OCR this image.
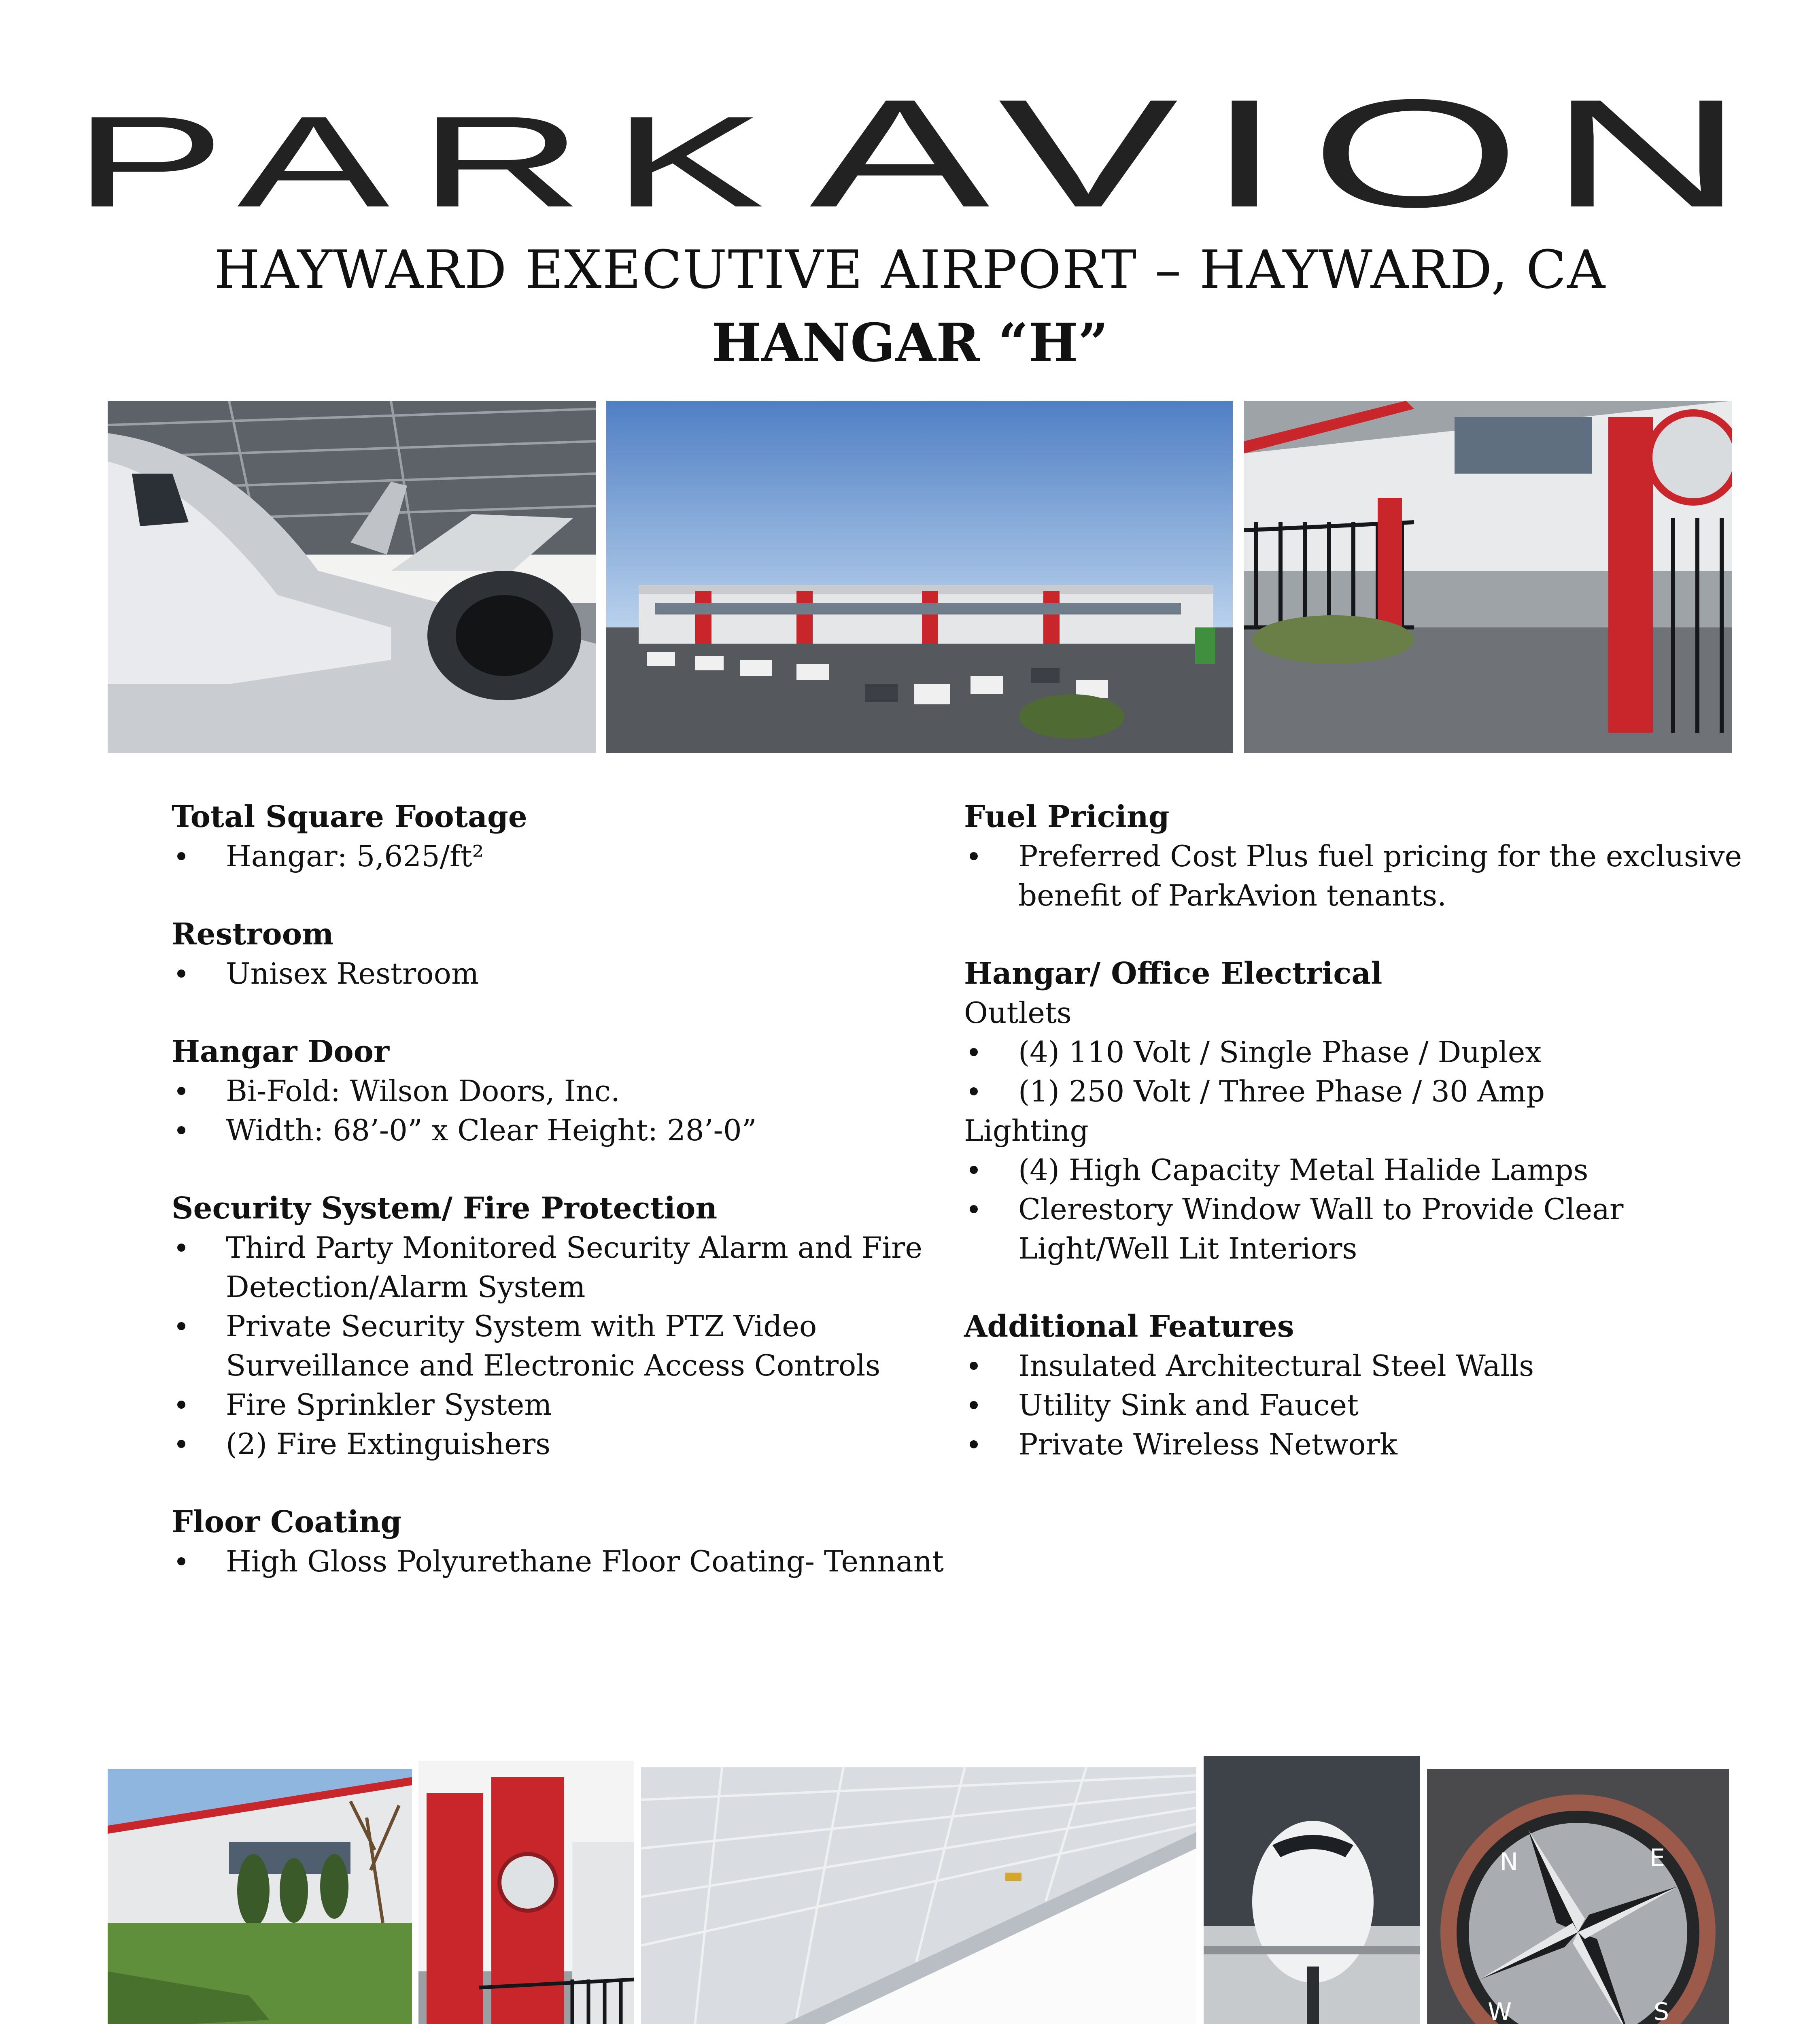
PARK AVION
HAYWARD EXECUTIVE AIRPORT – HAYWARD, CA
HANGAR “H”
Total Square Footage
Hangar: 5,625/ft²
Restroom
Unisex Restroom
Hangar Door
Bi-Fold: Wilson Doors, Inc.
Width: 68’-0” x Clear Height: 28’-0”
Security System/ Fire Protection
Third Party Monitored Security Alarm and Fire Detection/Alarm System
Private Security System with PTZ Video Surveillance and Electronic Access Controls
Fire Sprinkler System
(2) Fire Extinguishers
Floor Coating
High Gloss Polyurethane Floor Coating- Tennant
Fuel Pricing
Preferred Cost Plus fuel pricing for the exclusive benefit of ParkAvion tenants.
Hangar/ Office Electrical

Outlets

(4) 110 Volt / Single Phase / Duplex
(1) 250 Volt / Three Phase / 30 Amp

Lighting

(4) High Capacity Metal Halide Lamps
Clerestory Window Wall to Provide Clear Light/Well Lit Interiors
Additional Features
Insulated Architectural Steel Walls
Utility Sink and Faucet
Private Wireless Network
N	E
S
W
